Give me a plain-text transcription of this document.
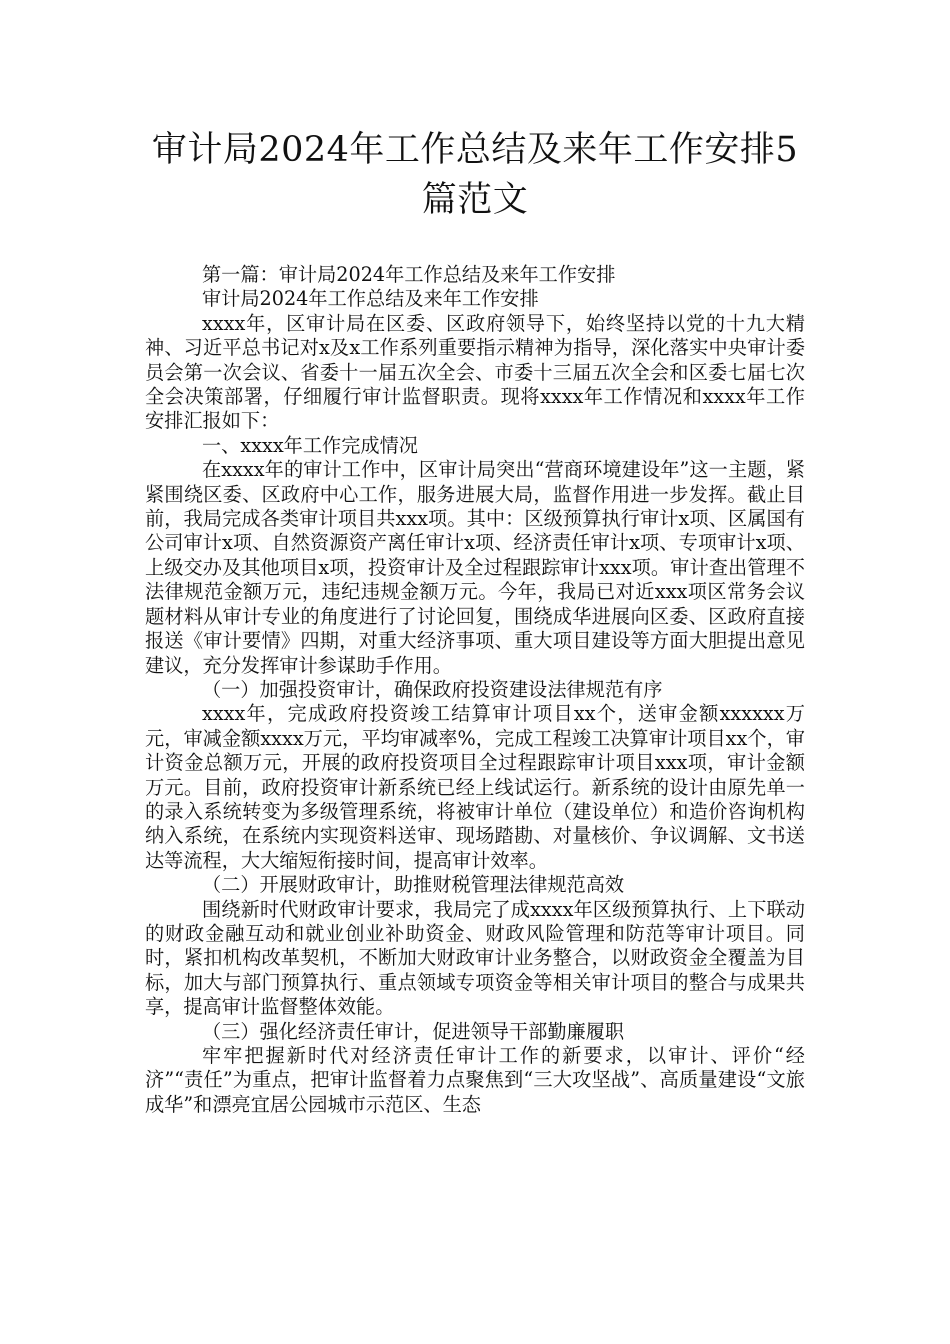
审计局2024年工作总结及来年工作安排5
篇范文

第一篇：审计局2024年工作总结及来年工作安排

审计局2024年工作总结及来年工作安排

xxxx年，区审计局在区委、区政府领导下，始终坚持以党的十九大精神、习近平总书记对x及x工作系列重要指示精神为指导，深化落实中央审计委员会第一次会议、省委十一届五次全会、市委十三届五次全会和区委七届七次全会决策部署，仔细履行审计监督职责。现将xxxx年工作情况和xxxx年工作安排汇报如下：

一、xxxx年工作完成情况

在xxxx年的审计工作中，区审计局突出“营商环境建设年”这一主题，紧紧围绕区委、区政府中心工作，服务进展大局，监督作用进一步发挥。截止目前，我局完成各类审计项目共xxx项。其中：区级预算执行审计x项、区属国有公司审计x项、自然资源资产离任审计x项、经济责任审计x项、专项审计x项、上级交办及其他项目x项，投资审计及全过程跟踪审计xxx项。审计查出管理不法律规范金额万元，违纪违规金额万元。今年，我局已对近xxx项区常务会议题材料从审计专业的角度进行了讨论回复，围绕成华进展向区委、区政府直接报送《审计要情》四期，对重大经济事项、重大项目建设等方面大胆提出意见建议，充分发挥审计参谋助手作用。

（一）加强投资审计，确保政府投资建设法律规范有序

xxxx年，完成政府投资竣工结算审计项目xx个，送审金额xxxxxx万元，审减金额xxxx万元，平均审减率%，完成工程竣工决算审计项目xx个，审计资金总额万元，开展的政府投资项目全过程跟踪审计项目xxx项，审计金额万元。目前，政府投资审计新系统已经上线试运行。新系统的设计由原先单一的录入系统转变为多级管理系统，将被审计单位（建设单位）和造价咨询机构纳入系统，在系统内实现资料送审、现场踏勘、对量核价、争议调解、文书送达等流程，大大缩短衔接时间，提高审计效率。

（二）开展财政审计，助推财税管理法律规范高效

围绕新时代财政审计要求，我局完了成xxxx年区级预算执行、上下联动的财政金融互动和就业创业补助资金、财政风险管理和防范等审计项目。同时，紧扣机构改革契机，不断加大财政审计业务整合，以财政资金全覆盖为目标，加大与部门预算执行、重点领域专项资金等相关审计项目的整合与成果共享，提高审计监督整体效能。

（三）强化经济责任审计，促进领导干部勤廉履职

牢牢把握新时代对经济责任审计工作的新要求，以审计、评价“经济”“责任”为重点，把审计监督着力点聚焦到“三大攻坚战”、高质量建设“文旅成华”和漂亮宜居公园城市示范区、生态
